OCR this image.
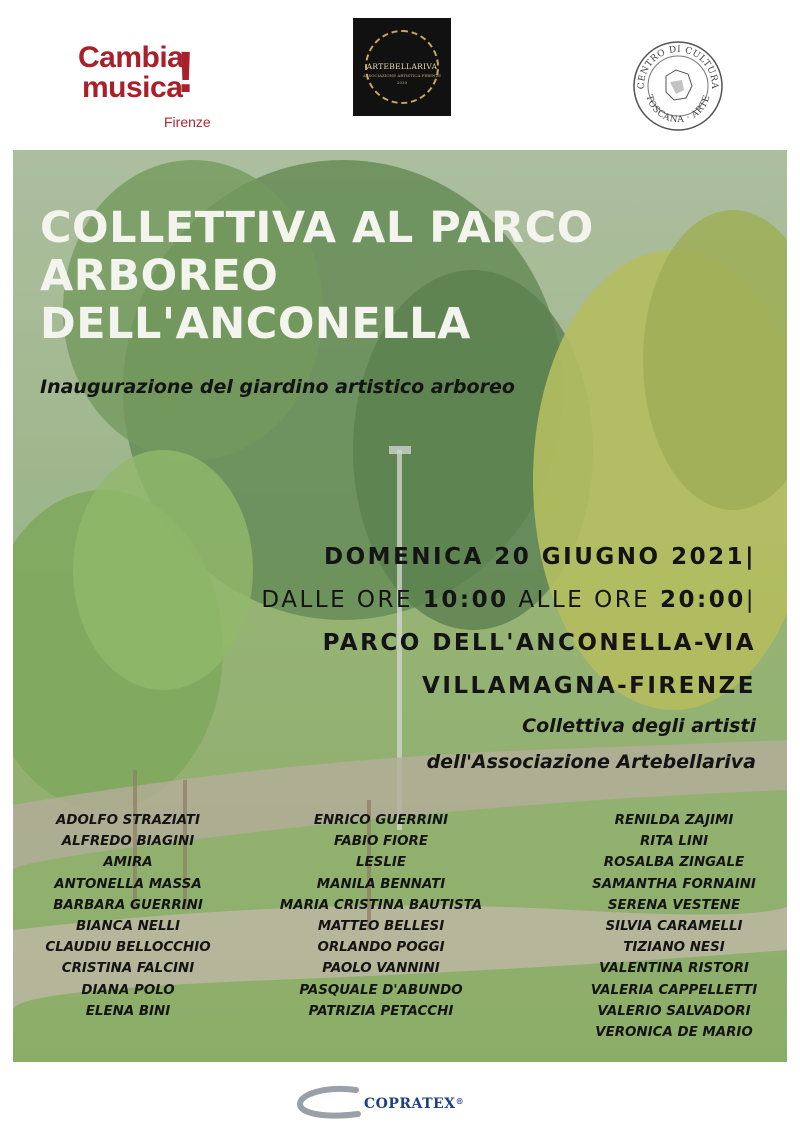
Cambia
musica
!
Firenze
CENTRO DI CULTURA
TOSCANA · ARTE
ARTEBELLARIVA
ASSOCIAZIONE ARTISTICA FIRENZE
2020
COLLETTIVA AL PARCO
ARBOREO
DELL'ANCONELLA
Inaugurazione del giardino artistico arboreo
DOMENICA 20 GIUGNO 2021|
DALLE ORE 10:00 ALLE ORE 20:00|
PARCO DELL'ANCONELLA-VIA
VILLAMAGNA-FIRENZE
Collettiva degli artisti
dell'Associazione Artebellariva
ADOLFO STRAZIATI
ALFREDO BIAGINI
AMIRA
ANTONELLA MASSA
BARBARA GUERRINI
BIANCA NELLI
CLAUDIU BELLOCCHIO
CRISTINA FALCINI
DIANA POLO
ELENA BINI
ENRICO GUERRINI
FABIO FIORE
LESLIE
MANILA BENNATI
MARIA CRISTINA BAUTISTA
MATTEO BELLESI
ORLANDO POGGI
PAOLO VANNINI
PASQUALE D'ABUNDO
PATRIZIA PETACCHI
RENILDA ZAJIMI
RITA LINI
ROSALBA ZINGALE
SAMANTHA FORNAINI
SERENA VESTENE
SILVIA CARAMELLI
TIZIANO NESI
VALENTINA RISTORI
VALERIA CAPPELLETTI
VALERIO SALVADORI
VERONICA DE MARIO
COPRATEX®
